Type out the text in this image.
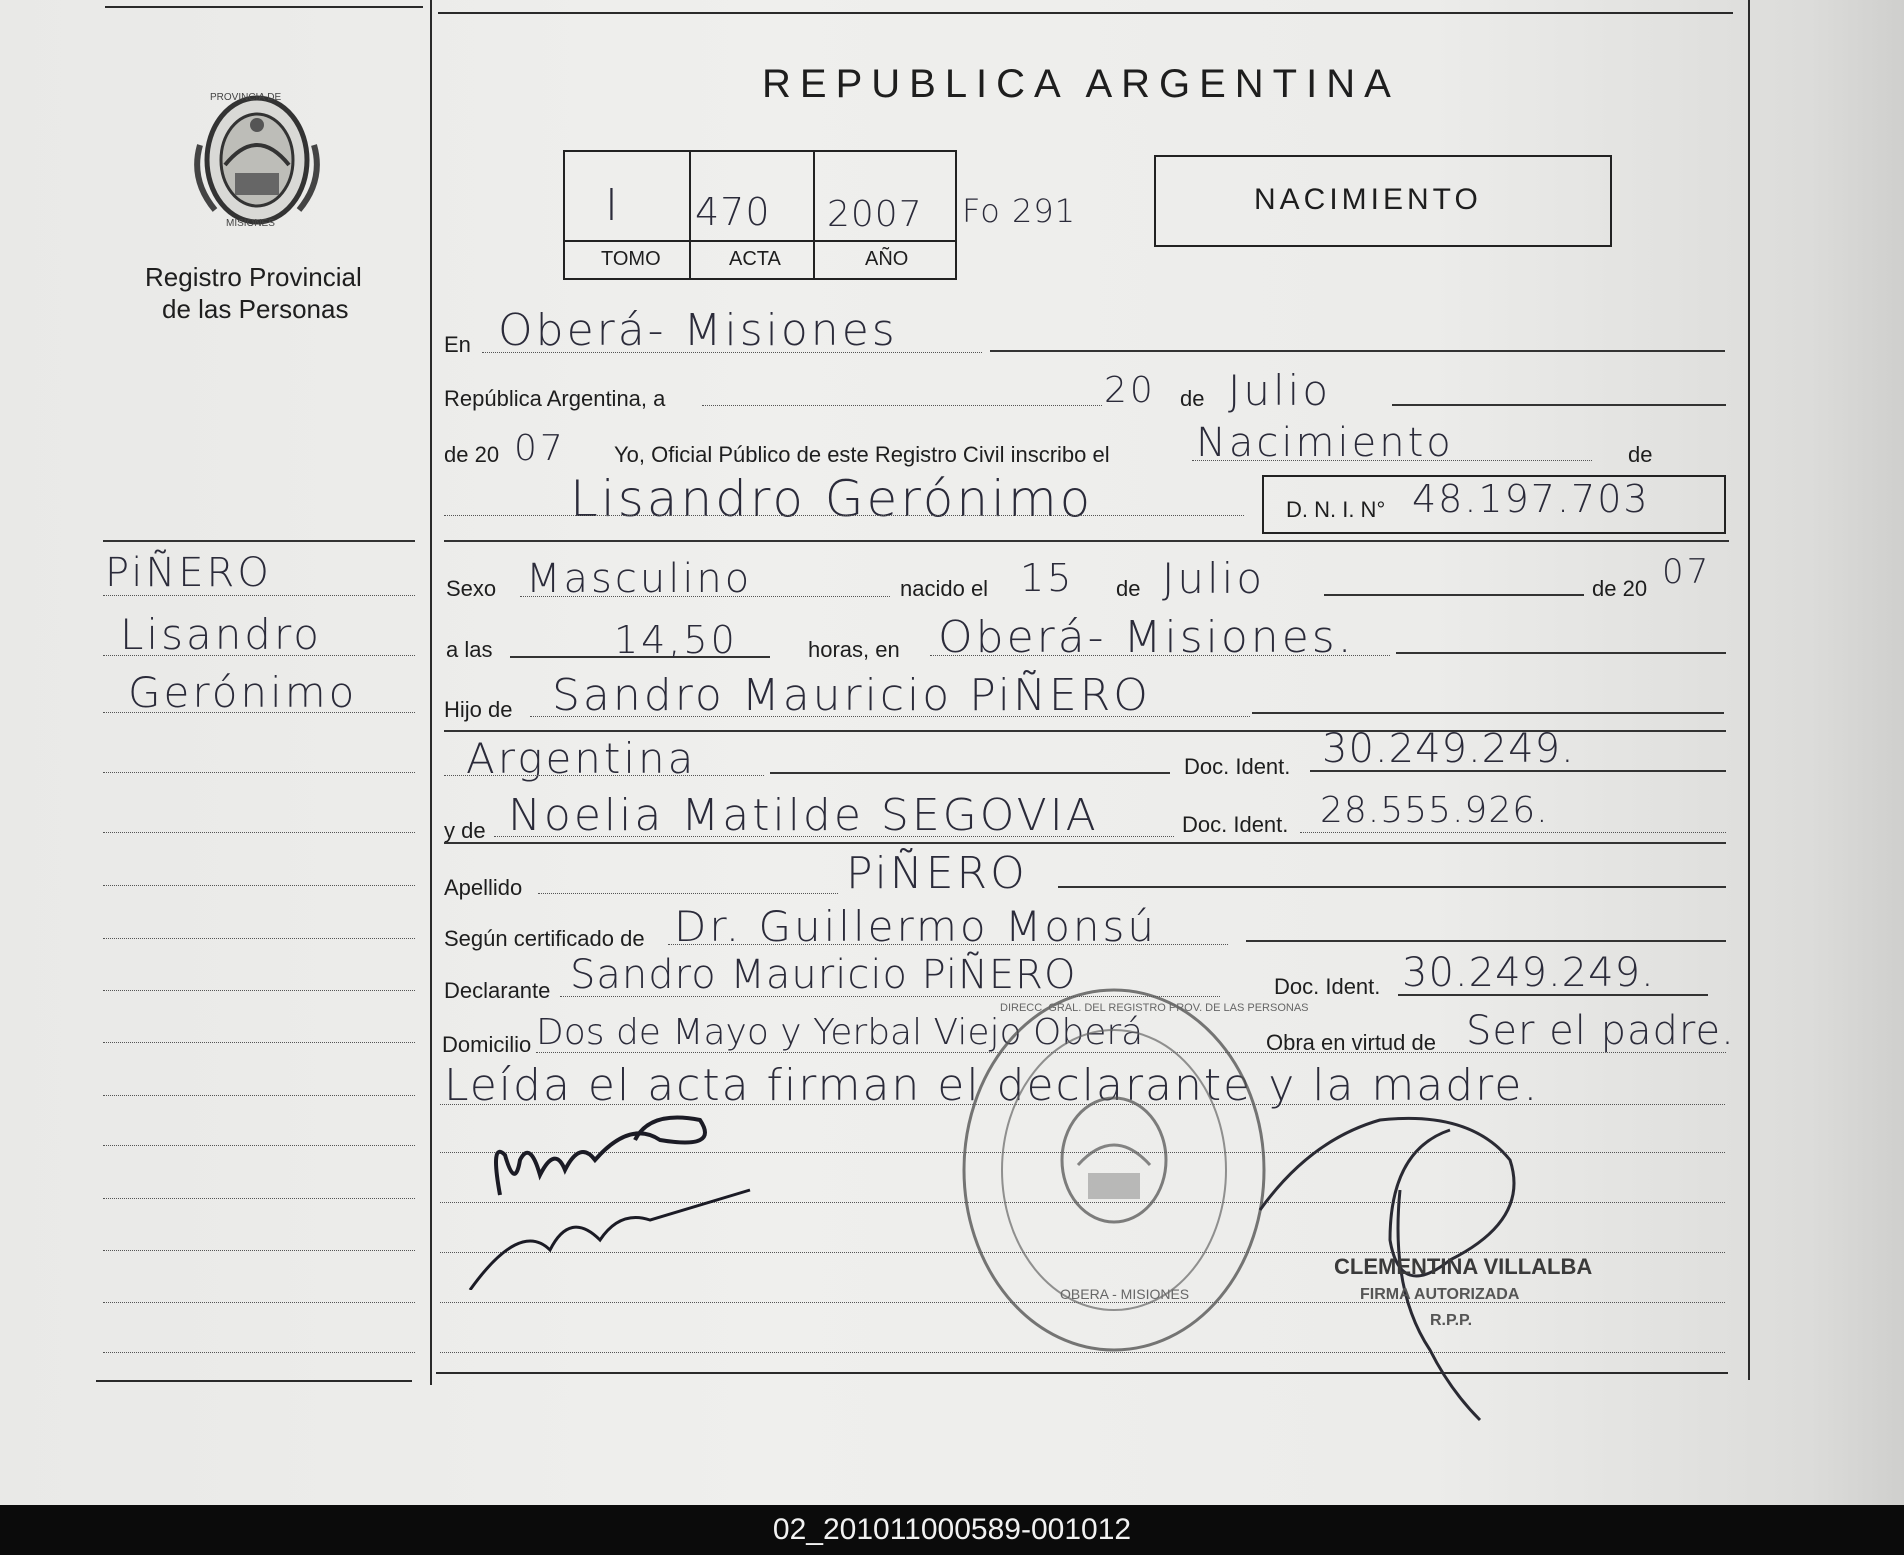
Registro Provincial
de las Personas
REPUBLICA ARGENTINA
I 470 2007
TOMO	ACTA	AÑO
Fo 291	NACIMIENTO
PiÑERO
Lisandro
Gerónimo
En Oberá- Misiones
República Argentina, a	20 de Julio
de 20 07 Yo, Oficial Público de este Registro Civil inscribo el Nacimiento	de
Lisandro Gerónimo	D. N. I. N° 48.197.703
Sexo Masculino	nacido el 15 de Julio	de 20 07
a las	14,50	horas, en Oberá- Misiones.
Hijo de Sandro Mauricio PiÑERO
Argentina	Doc. Ident. 30.249.249.
y de Noelia Matilde SEGOVIA	Doc. Ident. 28.555.926.
Apellido	PiÑERO
Según certificado de Dr. Guillermo Monsú
Declarante Sandro Mauricio PiÑERO	Doc. Ident. 30.249.249.
Domicilio Dos de Mayo y Yerbal Viejo Oberá	Obra en virtud de Ser el padre.
Leída el acta firman el declarante y la madre.
CLEMENTINA VILLALBA
FIRMA AUTORIZADA
R.P.P.
PROVINCIA DE
MISIONES
DIRECC. GRAL. DEL REGISTRO PROV. DE LAS PERSONAS
OBERA - MISIONES
02_201011000589-001012
